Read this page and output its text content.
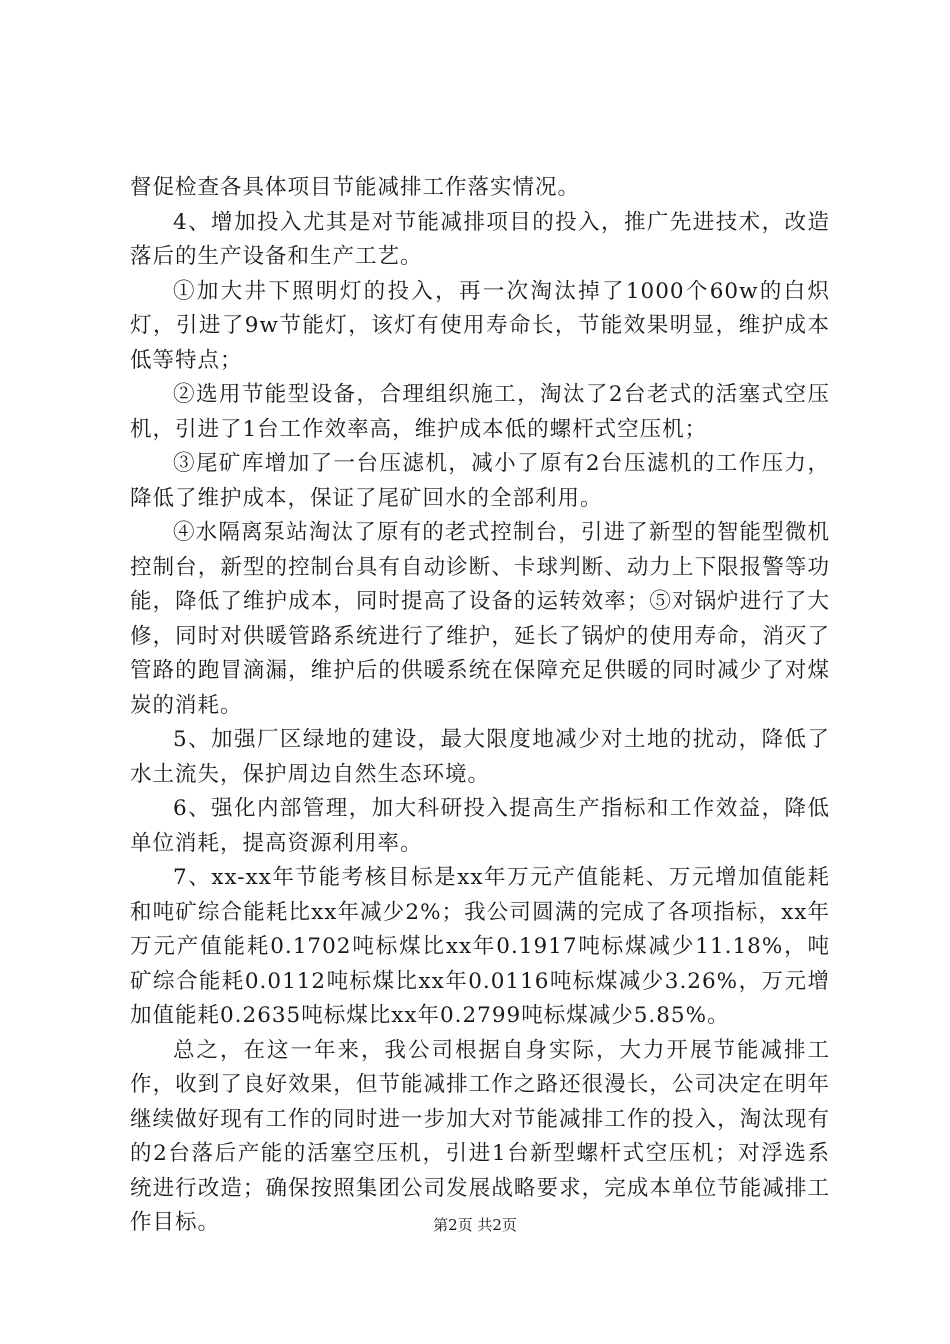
督促检查各具体项目节能减排工作落实情况。

4、增加投入尤其是对节能减排项目的投入，推广先进技术，改造落后的生产设备和生产工艺。

①加大井下照明灯的投入，再一次淘汰掉了1000个60w的白炽灯，引进了9w节能灯，该灯有使用寿命长，节能效果明显，维护成本低等特点；

②选用节能型设备，合理组织施工，淘汰了2台老式的活塞式空压机，引进了1台工作效率高，维护成本低的螺杆式空压机；

③尾矿库增加了一台压滤机，减小了原有2台压滤机的工作压力，降低了维护成本，保证了尾矿回水的全部利用。

④水隔离泵站淘汰了原有的老式控制台，引进了新型的智能型微机控制台，新型的控制台具有自动诊断、卡球判断、动力上下限报警等功能，降低了维护成本，同时提高了设备的运转效率；⑤对锅炉进行了大修，同时对供暖管路系统进行了维护，延长了锅炉的使用寿命，消灭了管路的跑冒滴漏，维护后的供暖系统在保障充足供暖的同时减少了对煤炭的消耗。

5、加强厂区绿地的建设，最大限度地减少对土地的扰动，降低了水土流失，保护周边自然生态环境。

6、强化内部管理，加大科研投入提高生产指标和工作效益，降低单位消耗，提高资源利用率。

7、xx-xx年节能考核目标是xx年万元产值能耗、万元增加值能耗和吨矿综合能耗比xx年减少2%；我公司圆满的完成了各项指标，xx年万元产值能耗0.1702吨标煤比xx年0.1917吨标煤减少11.18%，吨矿综合能耗0.0112吨标煤比xx年0.0116吨标煤减少3.26%，万元增加值能耗0.2635吨标煤比xx年0.2799吨标煤减少5.85%。

总之，在这一年来，我公司根据自身实际，大力开展节能减排工作，收到了良好效果，但节能减排工作之路还很漫长，公司决定在明年继续做好现有工作的同时进一步加大对节能减排工作的投入，淘汰现有的2台落后产能的活塞空压机，引进1台新型螺杆式空压机；对浮选系统进行改造；确保按照集团公司发展战略要求，完成本单位节能减排工作目标。	第2页 共2页
